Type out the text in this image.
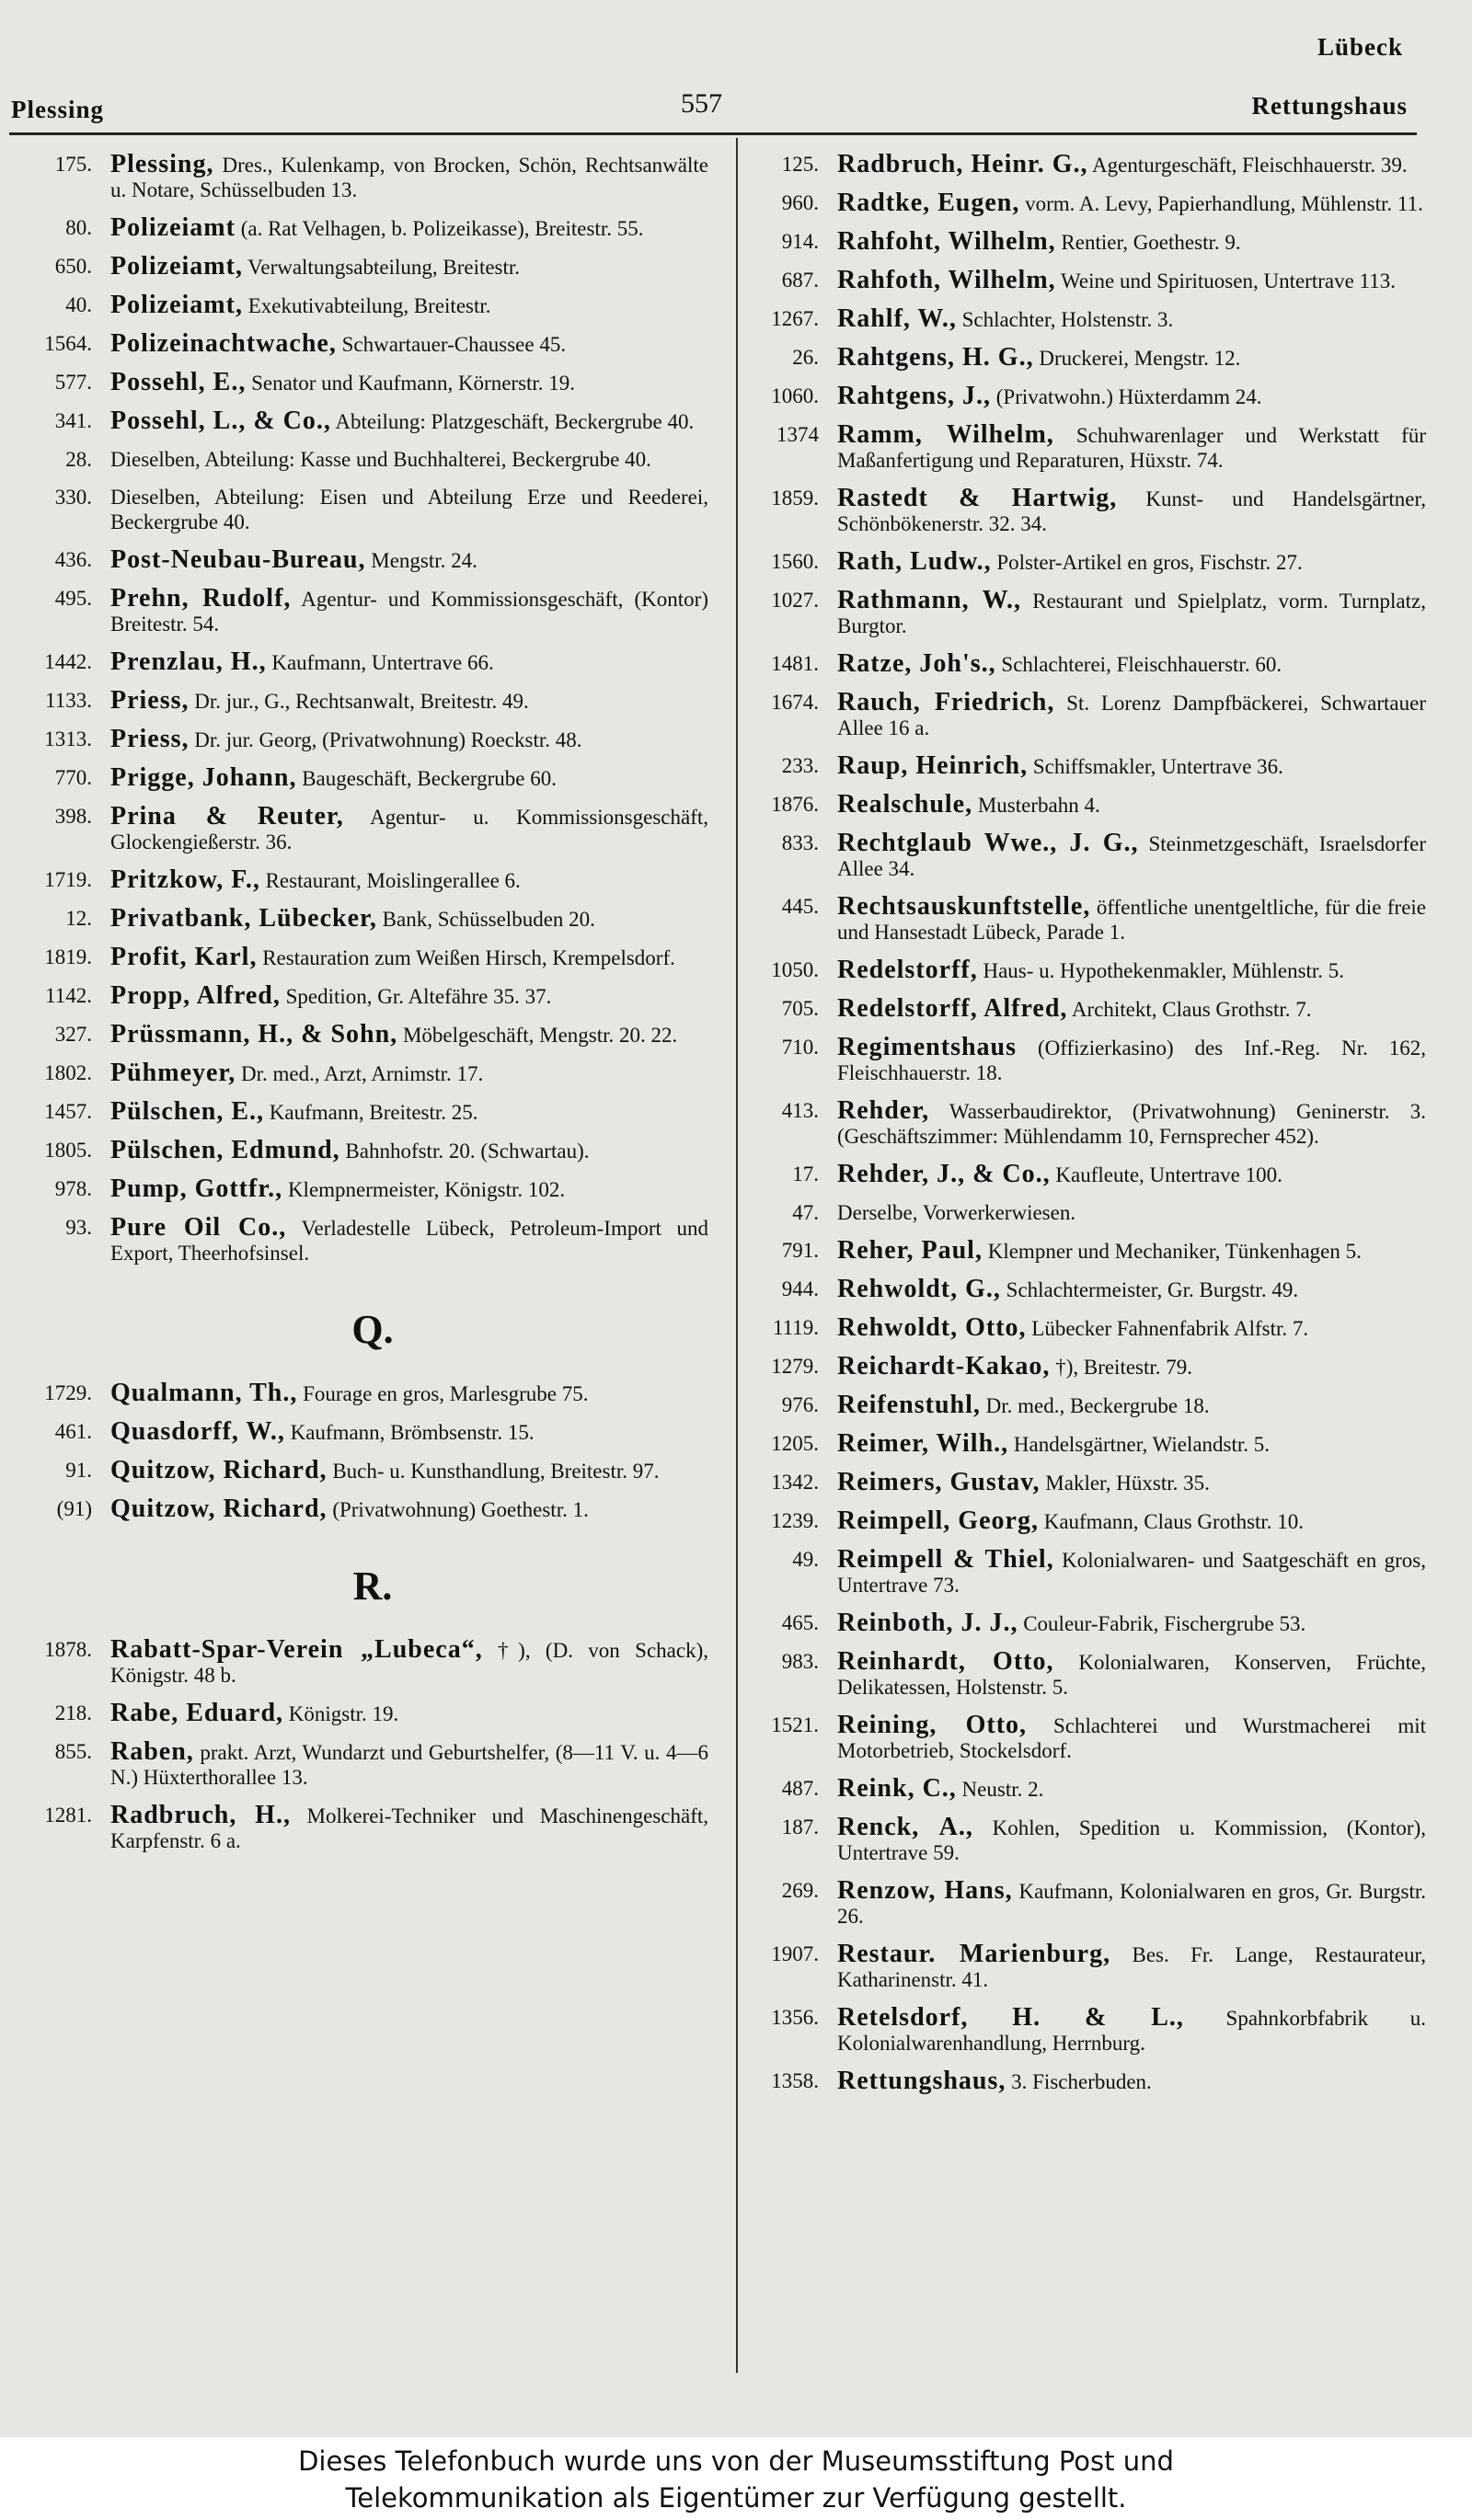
Lübeck
Plessing	557	Rettungshaus
175. Plessing, Dres., Kulenkamp, von Brocken, Schön, Rechtsanwälte u. Notare, Schüsselbuden 13.
80. Polizeiamt (a. Rat Velhagen, b. Polizeikasse), Breitestr. 55.
650. Polizeiamt, Verwaltungsabteilung, Breitestr.
40. Polizeiamt, Exekutivabteilung, Breitestr.
1564. Polizeinachtwache, Schwartauer-Chaussee 45.
577. Possehl, E., Senator und Kaufmann, Körnerstr. 19.
341. Possehl, L., & Co., Abteilung: Platzgeschäft, Beckergrube 40.
28. Dieselben, Abteilung: Kasse und Buchhalterei, Beckergrube 40.
330. Dieselben, Abteilung: Eisen und Abteilung Erze und Reederei, Beckergrube 40.
436. Post-Neubau-Bureau, Mengstr. 24.
495. Prehn, Rudolf, Agentur- und Kommissionsgeschäft, (Kontor) Breitestr. 54.
1442. Prenzlau, H., Kaufmann, Untertrave 66.
1133. Priess, Dr. jur., G., Rechtsanwalt, Breitestr. 49.
1313. Priess, Dr. jur. Georg, (Privatwohnung) Roeckstr. 48.
770. Prigge, Johann, Baugeschäft, Beckergrube 60.
398. Prina & Reuter, Agentur- u. Kommissionsgeschäft, Glockengießerstr. 36.
1719. Pritzkow, F., Restaurant, Moislingerallee 6.
12. Privatbank, Lübecker, Bank, Schüsselbuden 20.
1819. Profit, Karl, Restauration zum Weißen Hirsch, Krempelsdorf.
1142. Propp, Alfred, Spedition, Gr. Altefähre 35. 37.
327. Prüssmann, H., & Sohn, Möbelgeschäft, Mengstr. 20. 22.
1802. Pühmeyer, Dr. med., Arzt, Arnimstr. 17.
1457. Pülschen, E., Kaufmann, Breitestr. 25.
1805. Pülschen, Edmund, Bahnhofstr. 20. (Schwartau).
978. Pump, Gottfr., Klempnermeister, Königstr. 102.
93. Pure Oil Co., Verladestelle Lübeck, Petroleum-Import und Export, Theerhofsinsel.
Q.
1729. Qualmann, Th., Fourage en gros, Marlesgrube 75.
461. Quasdorff, W., Kaufmann, Brömbsenstr. 15.
91. Quitzow, Richard, Buch- u. Kunsthandlung, Breitestr. 97.
(91) Quitzow, Richard, (Privatwohnung) Goethestr. 1.
R.
1878. Rabatt-Spar-Verein „Lubeca“, †), (D. von Schack), Königstr. 48 b.
218. Rabe, Eduard, Königstr. 19.
855. Raben, prakt. Arzt, Wundarzt und Geburtshelfer, (8—11 V. u. 4—6 N.) Hüxterthorallee 13.
1281. Radbruch, H., Molkerei-Techniker und Maschinengeschäft, Karpfenstr. 6 a.
125. Radbruch, Heinr. G., Agenturgeschäft, Fleischhauerstr. 39.
960. Radtke, Eugen, vorm. A. Levy, Papierhandlung, Mühlenstr. 11.
914. Rahfoht, Wilhelm, Rentier, Goethestr. 9.
687. Rahfoth, Wilhelm, Weine und Spirituosen, Untertrave 113.
1267. Rahlf, W., Schlachter, Holstenstr. 3.
26. Rahtgens, H. G., Druckerei, Mengstr. 12.
1060. Rahtgens, J., (Privatwohn.) Hüxterdamm 24.
1374 Ramm, Wilhelm, Schuhwarenlager und Werkstatt für Maßanfertigung und Reparaturen, Hüxstr. 74.
1859. Rastedt & Hartwig, Kunst- und Handelsgärtner, Schönbökenerstr. 32. 34.
1560. Rath, Ludw., Polster-Artikel en gros, Fischstr. 27.
1027. Rathmann, W., Restaurant und Spielplatz, vorm. Turnplatz, Burgtor.
1481. Ratze, Joh's., Schlachterei, Fleischhauerstr. 60.
1674. Rauch, Friedrich, St. Lorenz Dampfbäckerei, Schwartauer Allee 16 a.
233. Raup, Heinrich, Schiffsmakler, Untertrave 36.
1876. Realschule, Musterbahn 4.
833. Rechtglaub Wwe., J. G., Steinmetzgeschäft, Israelsdorfer Allee 34.
445. Rechtsauskunftstelle, öffentliche unentgeltliche, für die freie und Hansestadt Lübeck, Parade 1.
1050. Redelstorff, Haus- u. Hypothekenmakler, Mühlenstr. 5.
705. Redelstorff, Alfred, Architekt, Claus Grothstr. 7.
710. Regimentshaus (Offizierkasino) des Inf.-Reg. Nr. 162, Fleischhauerstr. 18.
413. Rehder, Wasserbaudirektor, (Privatwohnung) Geninerstr. 3. (Geschäftszimmer: Mühlendamm 10, Fernsprecher 452).
17. Rehder, J., & Co., Kaufleute, Untertrave 100.
47. Derselbe, Vorwerkerwiesen.
791. Reher, Paul, Klempner und Mechaniker, Tünkenhagen 5.
944. Rehwoldt, G., Schlachtermeister, Gr. Burgstr. 49.
1119. Rehwoldt, Otto, Lübecker Fahnenfabrik Alfstr. 7.
1279. Reichardt-Kakao, †), Breitestr. 79.
976. Reifenstuhl, Dr. med., Beckergrube 18.
1205. Reimer, Wilh., Handelsgärtner, Wielandstr. 5.
1342. Reimers, Gustav, Makler, Hüxstr. 35.
1239. Reimpell, Georg, Kaufmann, Claus Grothstr. 10.
49. Reimpell & Thiel, Kolonialwaren- und Saatgeschäft en gros, Untertrave 73.
465. Reinboth, J. J., Couleur-Fabrik, Fischergrube 53.
983. Reinhardt, Otto, Kolonialwaren, Konserven, Früchte, Delikatessen, Holstenstr. 5.
1521. Reining, Otto, Schlachterei und Wurstmacherei mit Motorbetrieb, Stockelsdorf.
487. Reink, C., Neustr. 2.
187. Renck, A., Kohlen, Spedition u. Kommission, (Kontor), Untertrave 59.
269. Renzow, Hans, Kaufmann, Kolonialwaren en gros, Gr. Burgstr. 26.
1907. Restaur. Marienburg, Bes. Fr. Lange, Restaurateur, Katharinenstr. 41.
1356. Retelsdorf, H. & L., Spahnkorbfabrik u. Kolonialwarenhandlung, Herrnburg.
1358. Rettungshaus, 3. Fischerbuden.
Dieses Telefonbuch wurde uns von der Museumsstiftung Post und
Telekommunikation als Eigentümer zur Verfügung gestellt.
